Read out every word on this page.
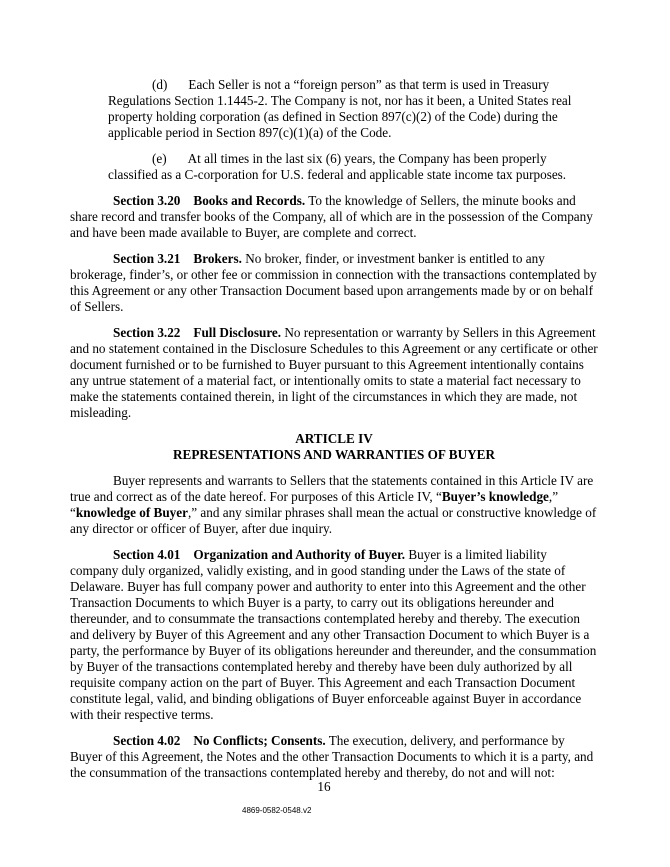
(d) Each Seller is not a “foreign person” as that term is used in Treasury Regulations Section 1.1445-2. The Company is not, nor has it been, a United States real property holding corporation (as defined in Section 897(c)(2) of the Code) during the applicable period in Section 897(c)(1)(a) of the Code.

(e) At all times in the last six (6) years, the Company has been properly classified as a C-corporation for U.S. federal and applicable state income tax purposes.

Section 3.20 Books and Records. To the knowledge of Sellers, the minute books and share record and transfer books of the Company, all of which are in the possession of the Company and have been made available to Buyer, are complete and correct.

Section 3.21 Brokers. No broker, finder, or investment banker is entitled to any brokerage, finder’s, or other fee or commission in connection with the transactions contemplated by this Agreement or any other Transaction Document based upon arrangements made by or on behalf of Sellers.

Section 3.22 Full Disclosure. No representation or warranty by Sellers in this Agreement and no statement contained in the Disclosure Schedules to this Agreement or any certificate or other document furnished or to be furnished to Buyer pursuant to this Agreement intentionally contains any untrue statement of a material fact, or intentionally omits to state a material fact necessary to make the statements contained therein, in light of the circumstances in which they are made, not misleading.

ARTICLE IV
REPRESENTATIONS AND WARRANTIES OF BUYER

Buyer represents and warrants to Sellers that the statements contained in this Article IV are true and correct as of the date hereof. For purposes of this Article IV, “Buyer’s knowledge,” “knowledge of Buyer,” and any similar phrases shall mean the actual or constructive knowledge of any director or officer of Buyer, after due inquiry.

Section 4.01 Organization and Authority of Buyer. Buyer is a limited liability company duly organized, validly existing, and in good standing under the Laws of the state of Delaware. Buyer has full company power and authority to enter into this Agreement and the other Transaction Documents to which Buyer is a party, to carry out its obligations hereunder and thereunder, and to consummate the transactions contemplated hereby and thereby. The execution and delivery by Buyer of this Agreement and any other Transaction Document to which Buyer is a party, the performance by Buyer of its obligations hereunder and thereunder, and the consummation by Buyer of the transactions contemplated hereby and thereby have been duly authorized by all requisite company action on the part of Buyer. This Agreement and each Transaction Document constitute legal, valid, and binding obligations of Buyer enforceable against Buyer in accordance with their respective terms.

Section 4.02 No Conflicts; Consents. The execution, delivery, and performance by Buyer of this Agreement, the Notes and the other Transaction Documents to which it is a party, and the consummation of the transactions contemplated hereby and thereby, do not and will not:

16
4869-0582-0548.v2
